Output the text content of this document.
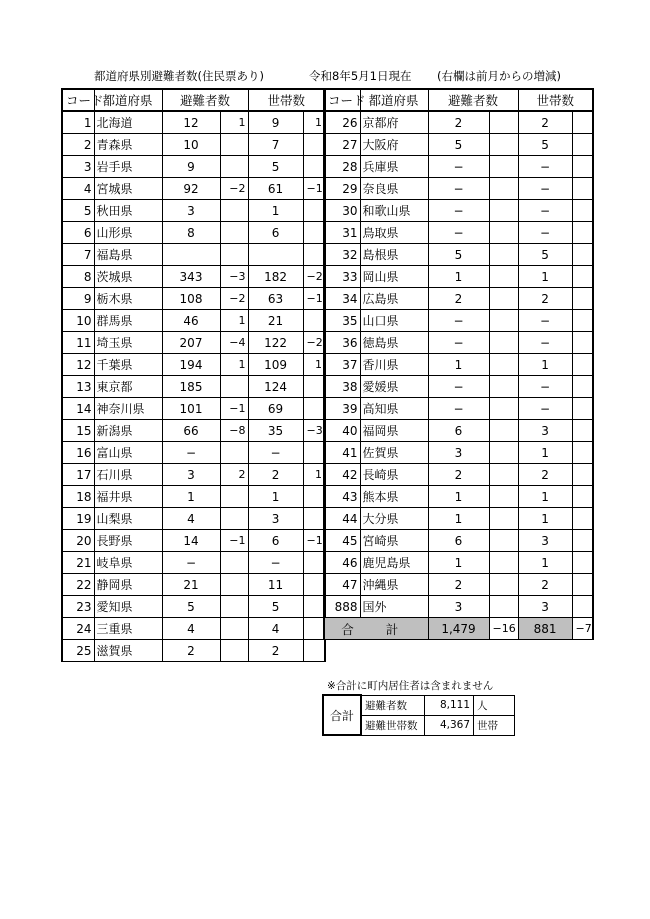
都道府県別避難者数(住民票あり)	令和8年5月1日現在 (右欄は前月からの増減)
コード	都道府県	避難者数		世帯数	
1	北海道	12	1	9	1
2	青森県	10		7	
3	岩手県	9		5	
4	宮城県	92	−2	61	−1
5	秋田県	3		1	
6	山形県	8		6	
7	福島県				
8	茨城県	343	−3	182	−2
9	栃木県	108	−2	63	−1
10	群馬県	46	1	21	
11	埼玉県	207	−4	122	−2
12	千葉県	194	1	109	1
13	東京都	185		124	
14	神奈川県	101	−1	69	
15	新潟県	66	−8	35	−3
16	富山県	−		−	
17	石川県	3	2	2	1
18	福井県	1		1	
19	山梨県	4		3	
20	長野県	14	−1	6	−1
21	岐阜県	−		−	
22	静岡県	21		11	
23	愛知県	5		5	
24	三重県	4		4	
25	滋賀県	2		2	
コード	都道府県	避難者数		世帯数	
26	京都府	2		2	
27	大阪府	5		5	
28	兵庫県	−		−	
29	奈良県	−		−	
30	和歌山県	−		−	
31	鳥取県	−		−	
32	島根県	5		5	
33	岡山県	1		1	
34	広島県	2		2	
35	山口県	−		−	
36	徳島県	−		−	
37	香川県	1		1	
38	愛媛県	−		−	
39	高知県	−		−	
40	福岡県	6		3	
41	佐賀県	3		1	
42	長崎県	2		2	
43	熊本県	1		1	
44	大分県	1		1	
45	宮崎県	6		3	
46	鹿児島県	1		1	
47	沖縄県	2		2	
888	国外	3		3	
合 計		1,479	−16	881	−7
※合計に町内居住者は含まれません
合計	避難者数	8,111	人
	避難世帯数	4,367	世帯
